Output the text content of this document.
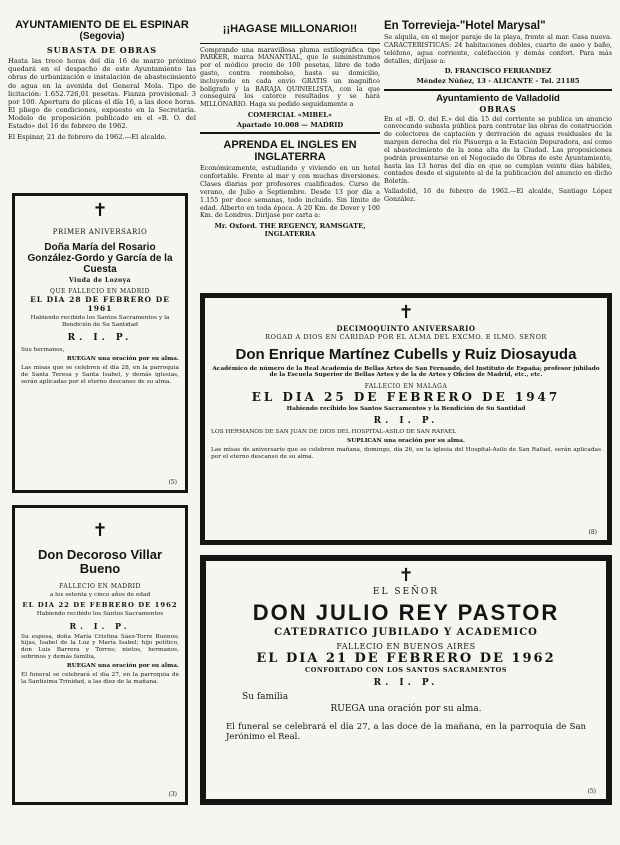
AYUNTAMIENTO DE EL ESPINAR
(Segovia)
SUBASTA DE OBRAS
Hasta las trece horas del día 16 de marzo próximo quedará en el despacho de este Ayuntamiento las obras de urbanización e instalación de abastecimiento de agua en la avenida del General Mola. Tipo de licitación: 1.652.726,01 pesetas. Fianza provisional: 3 por 100. Apertura de plicas el día 16, a las doce horas. El pliego de condiciones, expuesto en la Secretaría. Modelo de proposición publicado en el «B. O. del Estado» del 16 de febrero de 1962.
El Espinar, 21 de febrero de 1962.—El alcalde.
✝
PRIMER ANIVERSARIO
Doña María del Rosario González-Gordo y García de la Cuesta
Viuda de Lozoya
QUE FALLECIO EN MADRID
EL DIA 28 DE FEBRERO DE 1961
Habiendo recibido los Santos Sacramentos y la Bendición de Su Santidad
R. I. P.
Sus hermanos,
RUEGAN una oración por su alma.
Las misas que se celebren el día 28, en la parroquia de Santa Teresa y Santa Isabel, y demás iglesias, serán aplicadas por el eterno descanso de su alma.
(5)
✝
Don Decoroso Villar Bueno
FALLECIO EN MADRID
a los setenta y cinco años de edad
EL DIA 22 DE FEBRERO DE 1962
Habiendo recibido los Santos Sacramentos
R. I. P.
Su esposa, doña María Cristina Sáez-Torre Buenos; hijas, Isabel de la Luz y María Isabel; hijo político, don Luis Barrera y Torres; nietos, hermanos, sobrinos y demás familia,
RUEGAN una oración por su alma.
El funeral se celebrará el día 27, en la parroquia de la Santísima Trinidad, a las diez de la mañana.
(3)
¡¡HAGASE MILLONARIO!!
Comprando una maravillosa pluma estilográfica tipo PARKER, marca MANANTIAL, que le suministramos por el módico precio de 100 pesetas, libre de todo gasto, contra reembolso, hasta su domicilio, incluyendo en cada envío GRATIS un magnífico bolígrafo y la BARAJA QUINIELISTA, con la que conseguirá los catorce resultados y se hará MILLONARIO. Haga su pedido seguidamente a
COMERCIAL «MIBEL»
Apartado 10.008 — MADRID
APRENDA EL INGLES EN INGLATERRA
Económicamente, estudiando y viviendo en un hotel confortable. Frente al mar y con muchas diversiones. Clases diarias por profesores cualificados. Curso de verano, de Julio a Septiembre. Desde 13 por día a 1.155 por doce semanas, todo incluido. Sin límite de edad. Alberto en toda época. A 20 Km. de Dover y 100 Km. de Londres. Diríjase por carta a:
Mr. Oxford. THE REGENCY, RAMSGATE, INGLATERRA
En Torrevieja-"Hotel Marysal"
Se alquila, en el mejor paraje de la playa, frente al mar. Casa nueva. CARACTERISTICAS: 24 habitaciones dobles, cuarto de aseo y baño, teléfono, agua corriente, calefacción y demás confort. Para más detalles, diríjase a:
D. FRANCISCO FERRANDEZ
Méndez Núñez, 13 - ALICANTE - Tel. 21185
Ayuntamiento de Valladolid
OBRAS
En el «B. O. del E.» del día 15 del corriente se publica un anuncio convocando subasta pública para contratar las obras de construcción de colectores de captación y derivación de aguas residuales de la margen derecha del río Pisuerga a la Estación Depuradora, así como el abastecimiento de la zona alta de la Ciudad. Las proposiciones podrán presentarse en el Negociado de Obras de este Ayuntamiento, hasta las 13 horas del día en que se cumplan veinte días hábiles, contados desde el siguiente al de la publicación del anuncio en dicho Boletín.
Valladolid, 16 de febrero de 1962.—El alcalde, Santiago López González.
✝
DECIMOQUINTO ANIVERSARIO
ROGAD A DIOS EN CARIDAD POR EL ALMA DEL EXCMO. E ILMO. SEÑOR
Don Enrique Martínez Cubells y Ruiz Diosayuda
Académico de número de la Real Academia de Bellas Artes de San Fernando, del Instituto de España; profesor jubilado de la Escuela Superior de Bellas Artes y de la de Artes y Oficios de Madrid, etc., etc.
FALLECIO EN MALAGA
EL DIA 25 DE FEBRERO DE 1947
Habiendo recibido los Santos Sacramentos y la Bendición de Su Santidad
R. I. P.
LOS HERMANOS DE SAN JUAN DE DIOS DEL HOSPITAL-ASILO DE SAN RAFAEL
SUPLICAN una oración por su alma.
Las misas de aniversario que se celebren mañana, domingo, día 26, en la iglesia del Hospital-Asilo de San Rafael, serán aplicadas por el eterno descanso de su alma.
(8)
✝
EL SEÑOR
DON JULIO REY PASTOR
CATEDRATICO JUBILADO Y ACADEMICO
FALLECIO EN BUENOS AIRES
EL DIA 21 DE FEBRERO DE 1962
CONFORTADO CON LOS SANTOS SACRAMENTOS
R. I. P.
Su familia
RUEGA una oración por su alma.
El funeral se celebrará el día 27, a las doce de la mañana, en la parroquia de San Jerónimo el Real.
(5)
